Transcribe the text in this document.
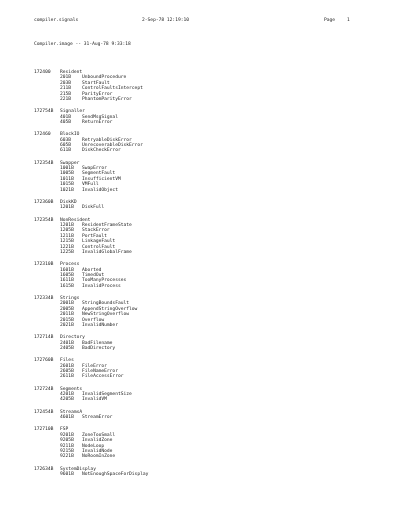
compiler.signals	2-Sep-78 12:19:10	Page	1
Compiler.image -- 31-Aug-78 9:33:18
172400 Resident
201B UnboundProcedure
203B StartFault
211B ControlFaultsIntercept
215B ParityError
221B PhantomParityError
172754B Signaller
401B SendMsgSignal
405B ReturnError
172460 BlockIO
603B RetryableDiskError
605B UnrecoverableDiskError
611B DiskCheckError
172354B Swapper
1001B SwapError
1005B SegmentFault
1011B InsufficientVM
1015B VMFull
1021B InvalidObject
172360B DiskKD
1201B DiskFull
172354B NonResident
1201B ResidentFrameState
1205B StackError
1211B PortFault
1215B LinkageFault
1221B ControlFault
1225B InvalidGlobalFrame
172310B Process
1601B Aborted
1605B TimedOut
1611B TooManyProcesses
1615B InvalidProcess
172334B Strings
2001B StringBoundsFault
2005B AppendStringOverflow
2011B NewStringOverflow
2015B Overflow
2021B InvalidNumber
172714B Directory
2401B BadFilename
2405B BadDirectory
172760B Files
2601B FileError
2605B FileNameError
2611B FileAccessError
172724B Segments
4201B InvalidSegmentSize
4205B InvalidVM
172454B StreamsA
4601B StreamError
172710B FSP
9201B ZoneTooSmall
9205B InvalidZone
9211B NodeLoop
9215B InvalidNode
9221B NoRoomInZone
172634B SystemDisplay
9601B NotEnoughSpaceForDisplay
